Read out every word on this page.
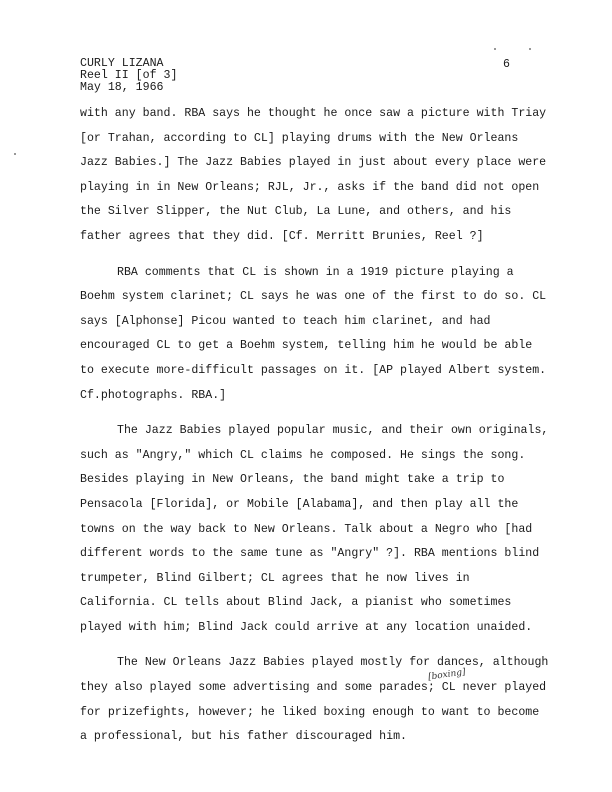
CURLY LIZANA
Reel II [of 3]
May 18, 1966
6

with any band. RBA says he thought he once saw a picture with Triay [or Trahan, according to CL] playing drums with the New Orleans Jazz Babies.] The Jazz Babies played in just about every place were playing in in New Orleans; RJL, Jr., asks if the band did not open the Silver Slipper, the Nut Club, La Lune, and others, and his father agrees that they did. [Cf. Merritt Brunies, Reel ?]

RBA comments that CL is shown in a 1919 picture playing a Boehm system clarinet; CL says he was one of the first to do so. CL says [Alphonse] Picou wanted to teach him clarinet, and had encouraged CL to get a Boehm system, telling him he would be able to execute more-difficult passages on it. [AP played Albert system. Cf.photographs. RBA.]

The Jazz Babies played popular music, and their own originals, such as "Angry," which CL claims he composed. He sings the song. Besides playing in New Orleans, the band might take a trip to Pensacola [Florida], or Mobile [Alabama], and then play all the towns on the way back to New Orleans. Talk about a Negro who [had different words to the same tune as "Angry" ?]. RBA mentions blind trumpeter, Blind Gilbert; CL agrees that he now lives in California. CL tells about Blind Jack, a pianist who sometimes played with him; Blind Jack could arrive at any location unaided.

The New Orleans Jazz Babies played mostly for dances, although they also played some advertising and some parades; CL never played for prizefights, however; he liked boxing enough to want to become a professional, but his father discouraged him.

[boxing]
